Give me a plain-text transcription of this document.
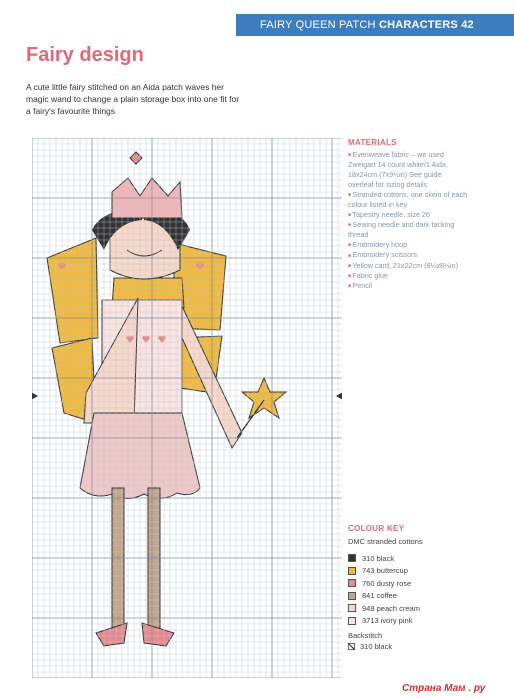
FAIRY QUEEN PATCH CHARACTERS 42
Fairy design

A cute little fairy stitched on an Aida patch waves her magic wand to change a plain storage box into one fit for a fairy's favourite things

MATERIALS
■ Evenweave fabric – we used Zweigart 14 count white/1 Aida, 18x24cm (7x9½in) See guide overleaf for sizing details
■ Stranded cottons, one skein of each colour listed in key
■ Tapestry needle, size 26
■ Sewing needle and dark tacking thread
■ Embroidery hoop
■ Embroidery scissors
■ Yellow card, 21x22cm (8¼x8½in)
■ Fabric glue
■ Pencil
COLOUR KEY
DMC stranded cottons
310 black
743 buttercup
760 dusty rose
841 coffee
948 peach cream
3713 ivory pink
Backstitch
310 black
Страна Мам . ру
